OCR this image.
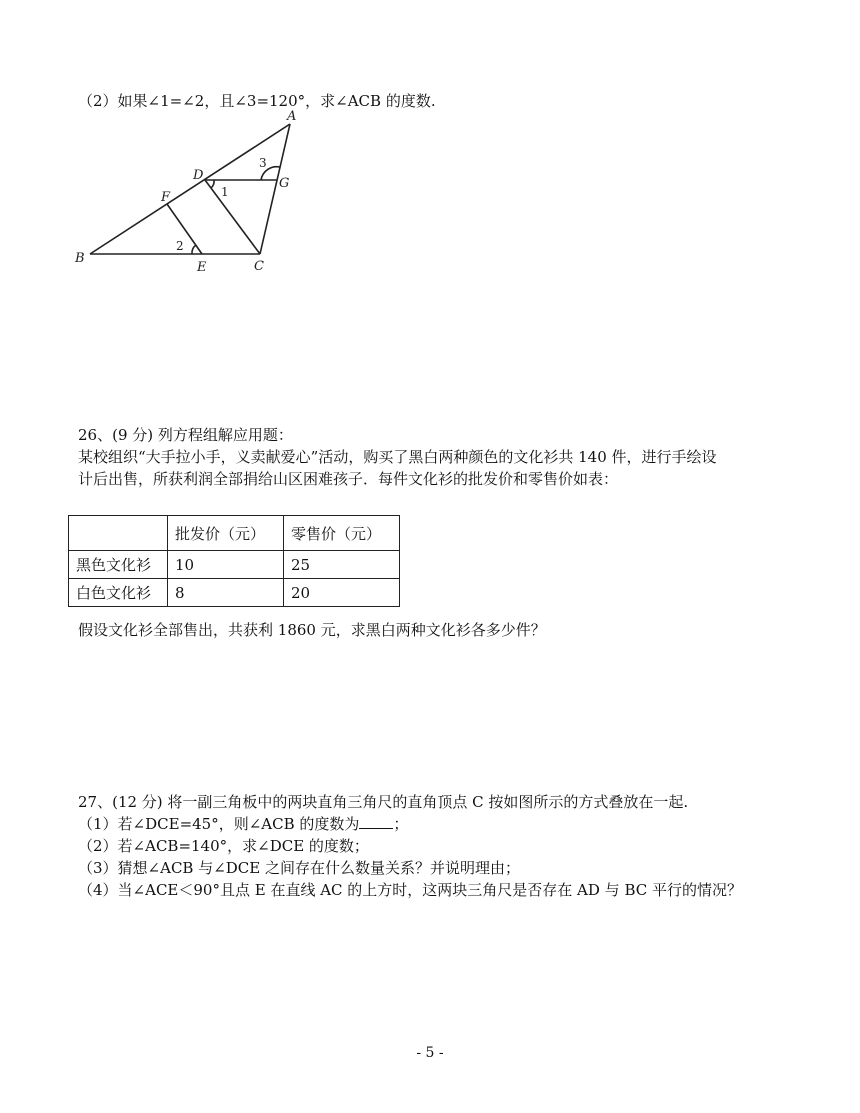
（2）如果∠1=∠2，且∠3=120°，求∠ACB 的度数.
A
B
C
D
E
F
G
1
2
3
26、(9 分) 列方程组解应用题：
某校组织“大手拉小手，义卖献爱心”活动，购买了黑白两种颜色的文化衫共 140 件，进行手绘设
计后出售，所获利润全部捐给山区困难孩子．每件文化衫的批发价和零售价如表：
	批发价（元）	零售价（元）
黑色文化衫	10	25
白色文化衫	8	20
假设文化衫全部售出，共获利 1860 元，求黑白两种文化衫各多少件？
27、(12 分) 将一副三角板中的两块直角三角尺的直角顶点 C 按如图所示的方式叠放在一起.
（1）若∠DCE=45°，则∠ACB 的度数为 ；
（2）若∠ACB=140°，求∠DCE 的度数；
（3）猜想∠ACB 与∠DCE 之间存在什么数量关系？并说明理由；
（4）当∠ACE＜90°且点 E 在直线 AC 的上方时，这两块三角尺是否存在 AD 与 BC 平行的情况？
- 5 -
